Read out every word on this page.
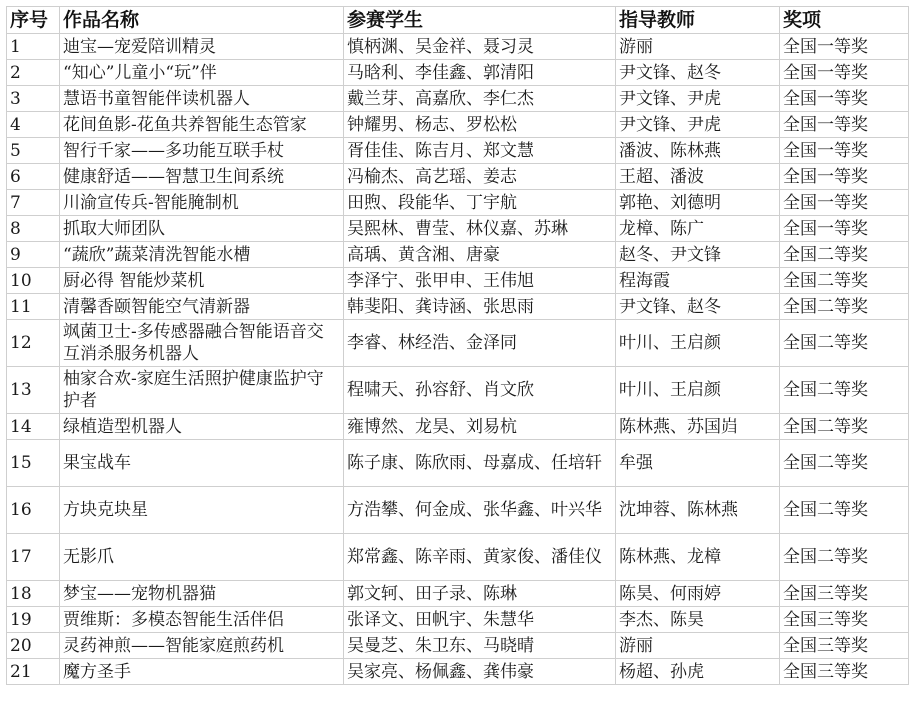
序号	作品名称	参赛学生	指导教师	奖项
1	迪宝—宠爱陪训精灵	慎柄渊、吴金祥、聂习灵	游丽	全国一等奖
2	“知心”儿童小“玩”伴	马晗利、李佳鑫、郭清阳	尹文锋、赵冬	全国一等奖
3	慧语书童智能伴读机器人	戴兰芽、高嘉欣、李仁杰	尹文锋、尹虎	全国一等奖
4	花间鱼影-花鱼共养智能生态管家	钟耀男、杨志、罗松松	尹文锋、尹虎	全国一等奖
5	智行千家——多功能互联手杖	胥佳佳、陈吉月、郑文慧	潘波、陈林燕	全国一等奖
6	健康舒适——智慧卫生间系统	冯榆杰、高艺瑶、姜志	王超、潘波	全国一等奖
7	川渝宣传兵-智能腌制机	田煦、段能华、丁宇航	郭艳、刘德明	全国一等奖
8	抓取大师团队	吴熙林、曹莹、林仪嘉、苏琳	龙樟、陈广	全国一等奖
9	“蔬欣”蔬菜清洗智能水槽	高瑀、黄含湘、唐豪	赵冬、尹文锋	全国二等奖
10	厨必得 智能炒菜机	李泽宁、张甲申、王伟旭	程海霞	全国二等奖
11	清馨香颐智能空气清新器	韩斐阳、龚诗涵、张思雨	尹文锋、赵冬	全国二等奖
12	飒菌卫士-多传感器融合智能语音交互消杀服务机器人	李睿、林经浩、金泽同	叶川、王启颜	全国二等奖
13	柚家合欢-家庭生活照护健康监护守护者	程啸天、孙容舒、肖文欣	叶川、王启颜	全国二等奖
14	绿植造型机器人	雍博然、龙昊、刘易杭	陈林燕、苏国岿	全国二等奖
15	果宝战车	陈子康、陈欣雨、母嘉成、任培轩	牟强	全国二等奖
16	方块克块星	方浩攀、何金成、张华鑫、叶兴华	沈坤蓉、陈林燕	全国二等奖
17	无影爪	郑常鑫、陈辛雨、黄家俊、潘佳仪	陈林燕、龙樟	全国二等奖
18	梦宝——宠物机器猫	郭文轲、田子录、陈琳	陈昊、何雨婷	全国三等奖
19	贾维斯：多模态智能生活伴侣	张译文、田帆宇、朱慧华	李杰、陈昊	全国三等奖
20	灵药神煎——智能家庭煎药机	吴曼芝、朱卫东、马晓晴	游丽	全国三等奖
21	魔方圣手	吴家亮、杨佩鑫、龚伟豪	杨超、孙虎	全国三等奖
